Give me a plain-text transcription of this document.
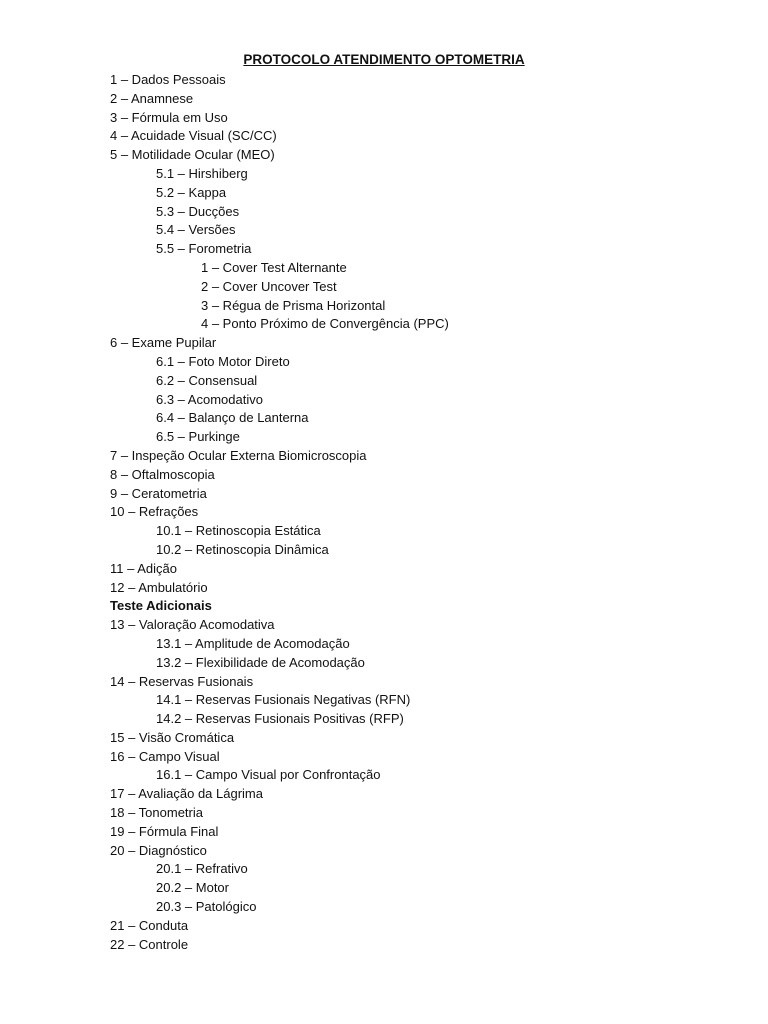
PROTOCOLO ATENDIMENTO OPTOMETRIA
1 – Dados Pessoais
2 – Anamnese
3 – Fórmula em Uso
4 – Acuidade Visual (SC/CC)
5 – Motilidade Ocular (MEO)
5.1 – Hirshiberg
5.2 – Kappa
5.3 – Ducções
5.4 – Versões
5.5 – Forometria
1 – Cover Test Alternante
2 – Cover Uncover Test
3 – Régua de Prisma Horizontal
4 – Ponto Próximo de Convergência (PPC)
6 – Exame Pupilar
6.1 – Foto Motor Direto
6.2 – Consensual
6.3 – Acomodativo
6.4 – Balanço de Lanterna
6.5 – Purkinge
7 – Inspeção Ocular Externa Biomicroscopia
8 – Oftalmoscopia
9 – Ceratometria
10 – Refrações
10.1 – Retinoscopia Estática
10.2 – Retinoscopia Dinâmica
11 – Adição
12 – Ambulatório
Teste Adicionais
13 – Valoração Acomodativa
13.1 – Amplitude de Acomodação
13.2 – Flexibilidade de Acomodação
14 – Reservas Fusionais
14.1 – Reservas Fusionais Negativas (RFN)
14.2 – Reservas Fusionais Positivas (RFP)
15 – Visão Cromática
16 – Campo Visual
16.1 – Campo Visual por Confrontação
17 – Avaliação da Lágrima
18 – Tonometria
19 – Fórmula Final
20 – Diagnóstico
20.1 – Refrativo
20.2 – Motor
20.3 – Patológico
21 – Conduta
22 – Controle
